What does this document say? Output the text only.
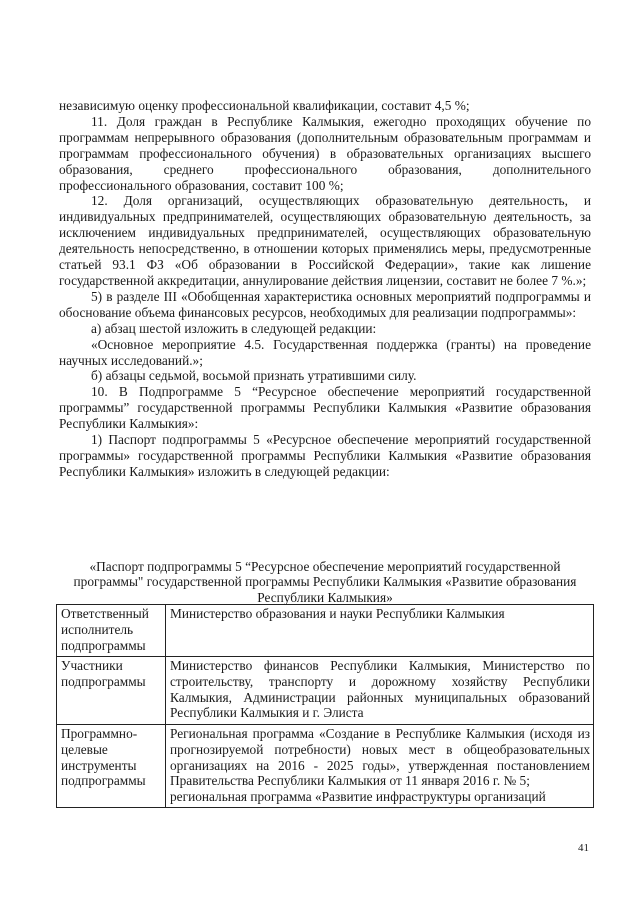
независимую оценку профессиональной квалификации, составит 4,5 %;

11. Доля граждан в Республике Калмыкия, ежегодно проходящих обучение по программам непрерывного образования (дополнительным образовательным программам и программам профессионального обучения) в образовательных организациях высшего образования, среднего профессионального образования, дополнительного профессионального образования, составит 100 %;

12. Доля организаций, осуществляющих образовательную деятельность, и индивидуальных предпринимателей, осуществляющих образовательную деятельность, за исключением индивидуальных предпринимателей, осуществляющих образовательную деятельность непосредственно, в отношении которых применялись меры, предусмотренные статьей 93.1 ФЗ «Об образовании в Российской Федерации», такие как лишение государственной аккредитации, аннулирование действия лицензии, составит не более 7 %.»;

5) в разделе III «Обобщенная характеристика основных мероприятий подпрограммы и обоснование объема финансовых ресурсов, необходимых для реализации подпрограммы»:

а) абзац шестой изложить в следующей редакции:

«Основное мероприятие 4.5. Государственная поддержка (гранты) на проведение научных исследований.»;

б) абзацы седьмой, восьмой признать утратившими силу.

10. В Подпрограмме 5 “Ресурсное обеспечение мероприятий государственной программы” государственной программы Республики Калмыкия «Развитие образования Республики Калмыкия»:

1) Паспорт подпрограммы 5 «Ресурсное обеспечение мероприятий государственной программы» государственной программы Республики Калмыкия «Развитие образования Республики Калмыкия» изложить в следующей редакции:

«Паспорт подпрограммы 5 “Ресурсное обеспечение мероприятий государственной программы" государственной программы Республики Калмыкия «Развитие образования Республики Калмыкия»
Ответственный исполнитель подпрограммы	Министерство образования и науки Республики Калмыкия

Участники подпрограммы	Министерство финансов Республики Калмыкия, Министерство по строительству, транспорту и дорожному хозяйству Республики Калмыкия, Администрации районных муниципальных образований Республики Калмыкия и г. Элиста

Программно-целевые инструменты подпрограммы	Региональная программа «Создание в Республике Калмыкия (исходя из прогнозируемой потребности) новых мест в общеобразовательных организациях на 2016 - 2025 годы», утвержденная постановлением Правительства Республики Калмыкия от 11 января 2016 г. № 5;

региональная программа «Развитие инфраструктуры организаций

41
